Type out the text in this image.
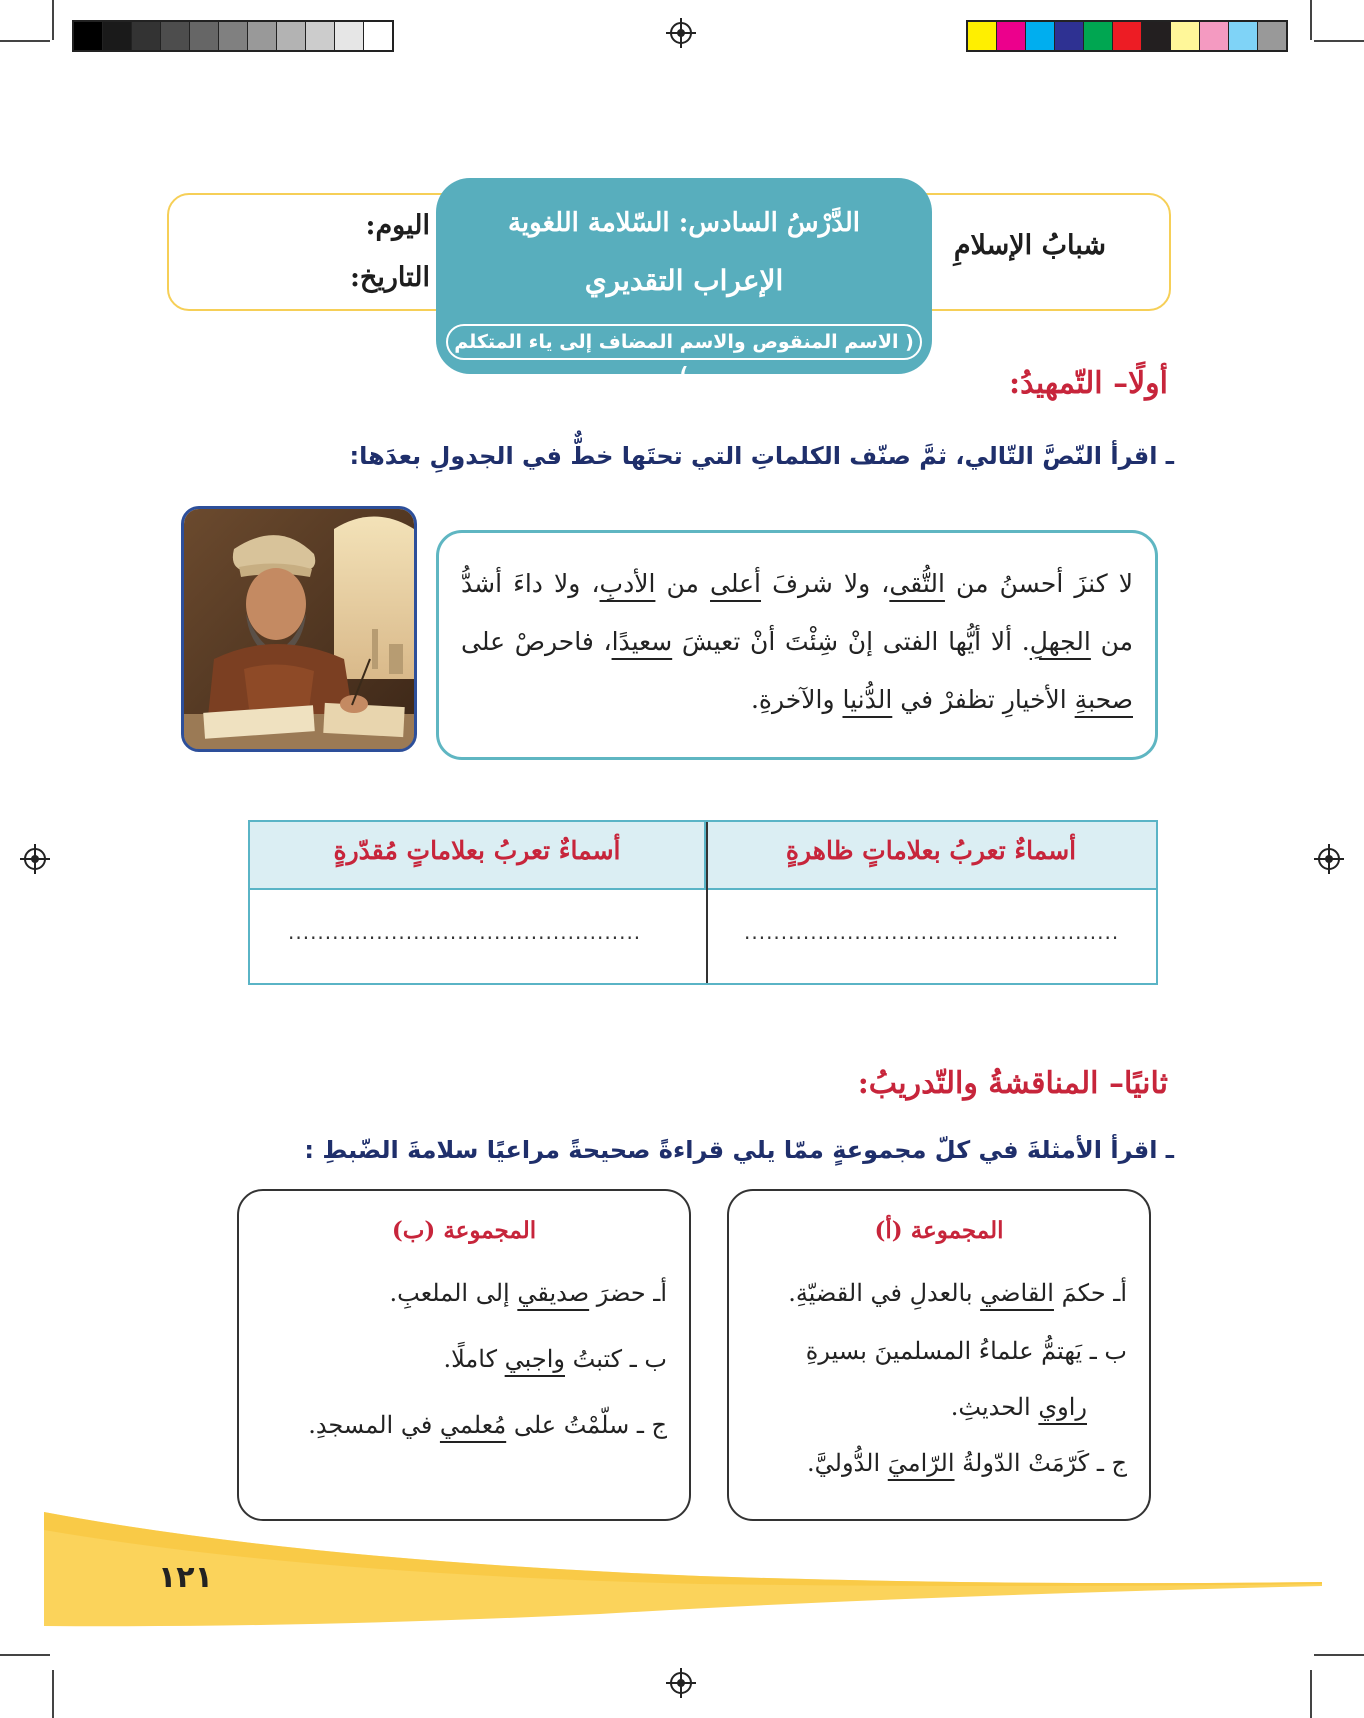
شبابُ الإسلامِ
اليوم:
التاريخ:
الدَّرْسُ السادس: السّلامة اللغوية
الإعراب التقديري
( الاسم المنقوص والاسم المضاف إلى ياء المتكلم )	أولًا– التّمهيدُ:
ـ اقرأ النّصَّ التّالي، ثمَّ صنّف الكلماتِ التي تحتَها خطٌّ في الجدولِ بعدَها:
لا كنزَ أحسنُ من التُّقى، ولا شرفَ أعلى من الأدبِ، ولا داءَ أشدُّ من الجهلِ. ألا أيُّها الفتى إنْ شِئْتَ أنْ تعيشَ سعيدًا، فاحرصْ على صحبةِ الأخيارِ تظفرْ في الدُّنيا والآخرةِ.
أسماءٌ تعربُ بعلاماتٍ مُقدّرةٍ	أسماءٌ تعربُ بعلاماتٍ ظاهرةٍ
................................................	...................................................
ثانيًا– المناقشةُ والتّدريبُ:
ـ اقرأ الأمثلةَ في كلّ مجموعةٍ ممّا يلي قراءةً صحيحةً مراعيًا سلامةَ الضّبطِ :
المجموعة (أ)
أـ حكمَ القاضي بالعدلِ في القضيّةِ.
ب ـ يَهتمُّ علماءُ المسلمينَ بسيرةِ
راوي الحديثِ.
ج ـ كَرّمَتْ الدّولةُ الرّاميَ الدُّوليَّ.
المجموعة (ب)
أـ حضرَ صديقي إلى الملعبِ.
ب ـ كتبتُ واجبي كاملًا.
ج ـ سلّمْتُ على مُعلمي في المسجدِ.
١٢١
